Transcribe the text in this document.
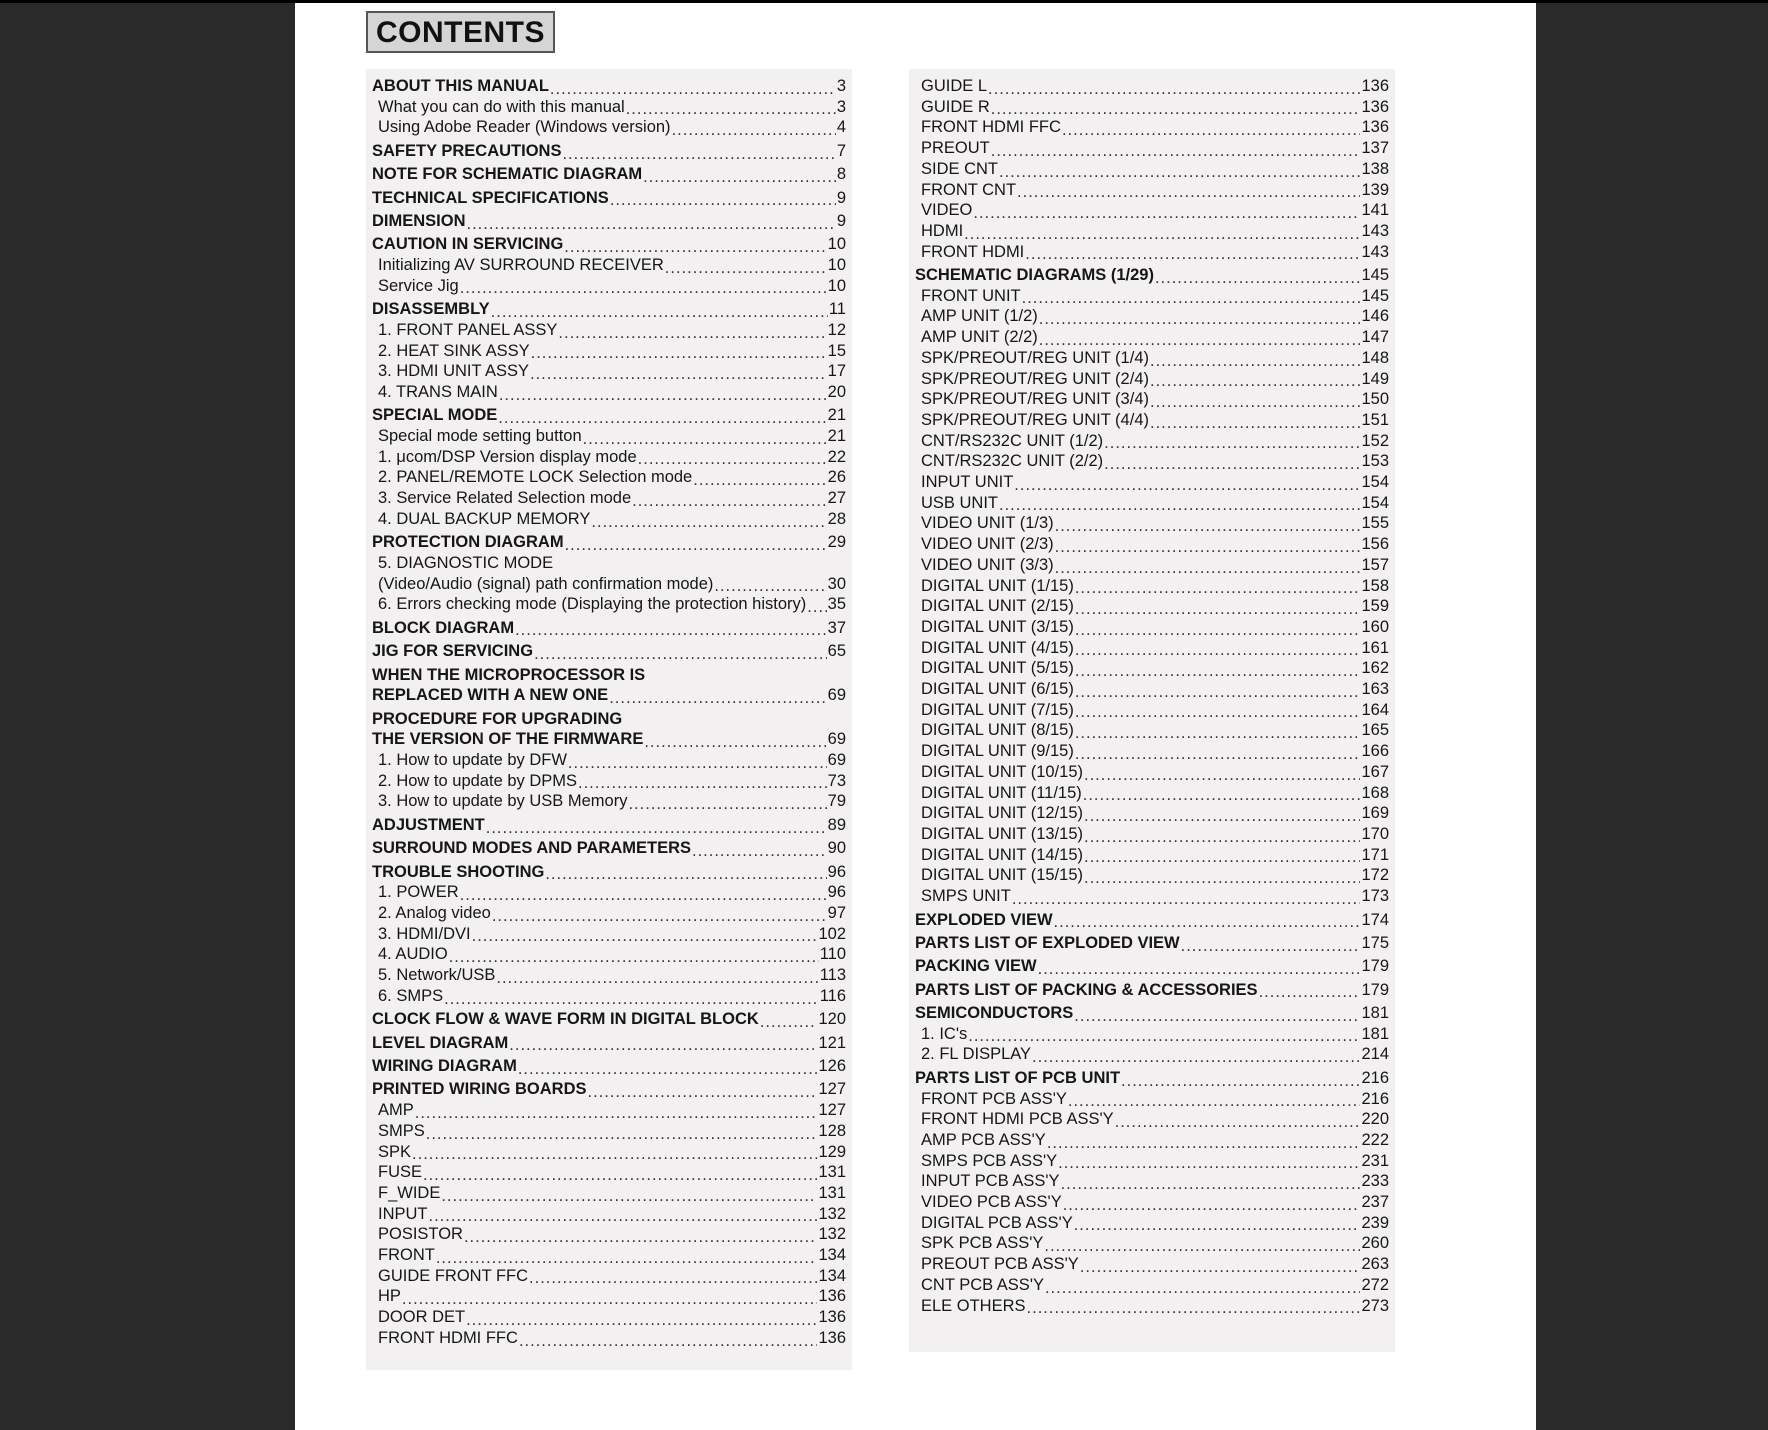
CONTENTS
ABOUT THIS MANUAL .....	3
What you can do with this manual .....	3
Using Adobe Reader (Windows version) .....	4
SAFETY PRECAUTIONS .....	7
NOTE FOR SCHEMATIC DIAGRAM .....	8
TECHNICAL SPECIFICATIONS .....	9
DIMENSION .....	9
CAUTION IN SERVICING .....	10
Initializing AV SURROUND RECEIVER .....	10
Service Jig .....	10
DISASSEMBLY .....	11
1. FRONT PANEL ASSY .....	12
2. HEAT SINK ASSY .....	15
3. HDMI UNIT ASSY .....	17
4. TRANS MAIN .....	20
SPECIAL MODE .....	21
Special mode setting button .....	21
1. μcom/DSP Version display mode .....	22
2. PANEL/REMOTE LOCK Selection mode .....	26
3. Service Related Selection mode .....	27
4. DUAL BACKUP MEMORY .....	28
PROTECTION DIAGRAM .....	29
5. DIAGNOSTIC MODE
(Video/Audio (signal) path confirmation mode) .....	30
6. Errors checking mode (Displaying the protection history) ..... 35
BLOCK DIAGRAM .....	37
JIG FOR SERVICING .....	65
WHEN THE MICROPROCESSOR IS
REPLACED WITH A NEW ONE .....	69
PROCEDURE FOR UPGRADING
THE VERSION OF THE FIRMWARE .....	69
1. How to update by DFW .....	69
2. How to update by DPMS .....	73
3. How to update by USB Memory .....	79
ADJUSTMENT .....	89
SURROUND MODES AND PARAMETERS .....	90
TROUBLE SHOOTING .....	96
1. POWER .....	96
2. Analog video .....	97
3. HDMI/DVI .....	102
4. AUDIO .....	110
5. Network/USB .....	113
6. SMPS .....	116
CLOCK FLOW & WAVE FORM IN DIGITAL BLOCK .....	120
LEVEL DIAGRAM .....	121
WIRING DIAGRAM .....	126
PRINTED WIRING BOARDS .....	127
AMP .....	127
SMPS .....	128
SPK .....	129
FUSE .....	131
F_WIDE .....	131
INPUT .....	132
POSISTOR .....	132
FRONT .....	134
GUIDE FRONT FFC .....	134
HP .....	136
DOOR DET .....	136
FRONT HDMI FFC .....	136
GUIDE L .....	136
GUIDE R .....	136
FRONT HDMI FFC .....	136
PREOUT .....	137
SIDE CNT .....	138
FRONT CNT .....	139
VIDEO .....	141
HDMI .....	143
FRONT HDMI .....	143
SCHEMATIC DIAGRAMS (1/29) .....	145
FRONT UNIT .....	145
AMP UNIT (1/2) .....	146
AMP UNIT (2/2) .....	147
SPK/PREOUT/REG UNIT (1/4) .....	148
SPK/PREOUT/REG UNIT (2/4) .....	149
SPK/PREOUT/REG UNIT (3/4) .....	150
SPK/PREOUT/REG UNIT (4/4) .....	151
CNT/RS232C UNIT (1/2) .....	152
CNT/RS232C UNIT (2/2) .....	153
INPUT UNIT .....	154
USB UNIT .....	154
VIDEO UNIT (1/3) .....	155
VIDEO UNIT (2/3) .....	156
VIDEO UNIT (3/3) .....	157
DIGITAL UNIT (1/15) .....	158
DIGITAL UNIT (2/15) .....	159
DIGITAL UNIT (3/15) .....	160
DIGITAL UNIT (4/15) .....	161
DIGITAL UNIT (5/15) .....	162
DIGITAL UNIT (6/15) .....	163
DIGITAL UNIT (7/15) .....	164
DIGITAL UNIT (8/15) .....	165
DIGITAL UNIT (9/15) .....	166
DIGITAL UNIT (10/15) .....	167
DIGITAL UNIT (11/15) .....	168
DIGITAL UNIT (12/15) .....	169
DIGITAL UNIT (13/15) .....	170
DIGITAL UNIT (14/15) .....	171
DIGITAL UNIT (15/15) .....	172
SMPS UNIT .....	173
EXPLODED VIEW .....	174
PARTS LIST OF EXPLODED VIEW .....	175
PACKING VIEW .....	179
PARTS LIST OF PACKING & ACCESSORIES .....	179
SEMICONDUCTORS .....	181
1. IC's .....	181
2. FL DISPLAY .....	214
PARTS LIST OF PCB UNIT .....	216
FRONT PCB ASS'Y .....	216
FRONT HDMI PCB ASS'Y .....	220
AMP PCB ASS'Y .....	222
SMPS PCB ASS'Y .....	231
INPUT PCB ASS'Y .....	233
VIDEO PCB ASS'Y .....	237
DIGITAL PCB ASS'Y .....	239
SPK PCB ASS'Y .....	260
PREOUT PCB ASS'Y .....	263
CNT PCB ASS'Y .....	272
ELE OTHERS .....	273
